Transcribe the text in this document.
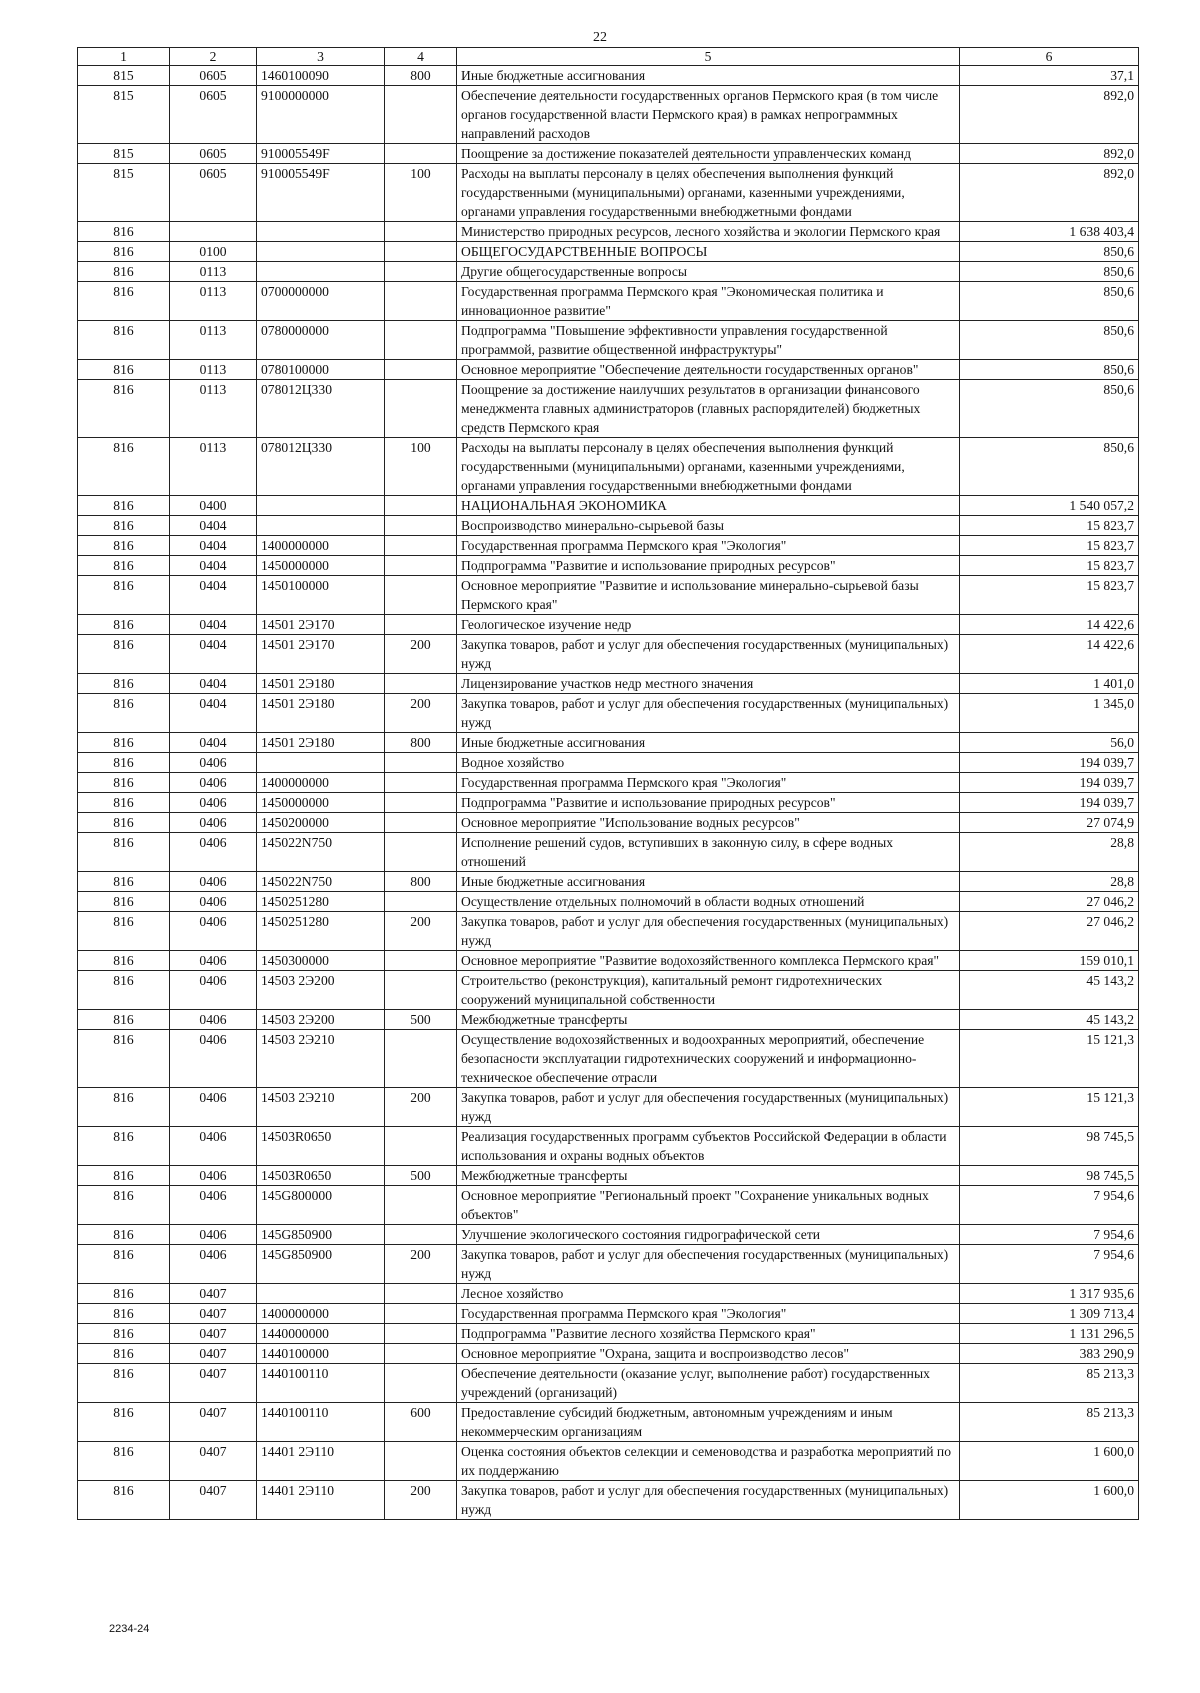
22
1	2	3	4	5	6
815	0605	1460100090	800	Иные бюджетные ассигнования	37,1
815	0605	9100000000		Обеспечение деятельности государственных органов Пермского края (в том числе органов государственной власти Пермского края) в рамках непрограммных направлений расходов	892,0
815	0605	910005549F		Поощрение за достижение показателей деятельности управленческих команд	892,0
815	0605	910005549F	100	Расходы на выплаты персоналу в целях обеспечения выполнения функций государственными (муниципальными) органами, казенными учреждениями, органами управления государственными внебюджетными фондами	892,0
816				Министерство природных ресурсов, лесного хозяйства и экологии Пермского края	1 638 403,4
816	0100			ОБЩЕГОСУДАРСТВЕННЫЕ ВОПРОСЫ	850,6
816	0113			Другие общегосударственные вопросы	850,6
816	0113	0700000000		Государственная программа Пермского края "Экономическая политика и инновационное развитие"	850,6
816	0113	0780000000		Подпрограмма "Повышение эффективности управления государственной программой, развитие общественной инфраструктуры"	850,6
816	0113	0780100000		Основное мероприятие "Обеспечение деятельности государственных органов"	850,6
816	0113	078012Ц330		Поощрение за достижение наилучших результатов в организации финансового менеджмента главных администраторов (главных распорядителей) бюджетных средств Пермского края	850,6
816	0113	078012Ц330	100	Расходы на выплаты персоналу в целях обеспечения выполнения функций государственными (муниципальными) органами, казенными учреждениями, органами управления государственными внебюджетными фондами	850,6
816	0400			НАЦИОНАЛЬНАЯ ЭКОНОМИКА	1 540 057,2
816	0404			Воспроизводство минерально-сырьевой базы	15 823,7
816	0404	1400000000		Государственная программа Пермского края "Экология"	15 823,7
816	0404	1450000000		Подпрограмма "Развитие и использование природных ресурсов"	15 823,7
816	0404	1450100000		Основное мероприятие "Развитие и использование минерально-сырьевой базы Пермского края"	15 823,7
816	0404	14501 2Э170		Геологическое изучение недр	14 422,6
816	0404	14501 2Э170	200	Закупка товаров, работ и услуг для обеспечения государственных (муниципальных) нужд	14 422,6
816	0404	14501 2Э180		Лицензирование участков недр местного значения	1 401,0
816	0404	14501 2Э180	200	Закупка товаров, работ и услуг для обеспечения государственных (муниципальных) нужд	1 345,0
816	0404	14501 2Э180	800	Иные бюджетные ассигнования	56,0
816	0406			Водное хозяйство	194 039,7
816	0406	1400000000		Государственная программа Пермского края "Экология"	194 039,7
816	0406	1450000000		Подпрограмма "Развитие и использование природных ресурсов"	194 039,7
816	0406	1450200000		Основное мероприятие "Использование водных ресурсов"	27 074,9
816	0406	145022N750		Исполнение решений судов, вступивших в законную силу, в сфере водных отношений	28,8
816	0406	145022N750	800	Иные бюджетные ассигнования	28,8
816	0406	1450251280		Осуществление отдельных полномочий в области водных отношений	27 046,2
816	0406	1450251280	200	Закупка товаров, работ и услуг для обеспечения государственных (муниципальных) нужд	27 046,2
816	0406	1450300000		Основное мероприятие "Развитие водохозяйственного комплекса Пермского края"	159 010,1
816	0406	14503 2Э200		Строительство (реконструкция), капитальный ремонт гидротехнических сооружений муниципальной собственности	45 143,2
816	0406	14503 2Э200	500	Межбюджетные трансферты	45 143,2
816	0406	14503 2Э210		Осуществление водохозяйственных и водоохранных мероприятий, обеспечение безопасности эксплуатации гидротехнических сооружений и информационно-техническое обеспечение отрасли	15 121,3
816	0406	14503 2Э210	200	Закупка товаров, работ и услуг для обеспечения государственных (муниципальных) нужд	15 121,3
816	0406	14503R0650		Реализация государственных программ субъектов Российской Федерации в области использования и охраны водных объектов	98 745,5
816	0406	14503R0650	500	Межбюджетные трансферты	98 745,5
816	0406	145G800000		Основное мероприятие "Региональный проект "Сохранение уникальных водных объектов"	7 954,6
816	0406	145G850900		Улучшение экологического состояния гидрографической сети	7 954,6
816	0406	145G850900	200	Закупка товаров, работ и услуг для обеспечения государственных (муниципальных) нужд	7 954,6
816	0407			Лесное хозяйство	1 317 935,6
816	0407	1400000000		Государственная программа Пермского края "Экология"	1 309 713,4
816	0407	1440000000		Подпрограмма "Развитие лесного хозяйства Пермского края"	1 131 296,5
816	0407	1440100000		Основное мероприятие "Охрана, защита и воспроизводство лесов"	383 290,9
816	0407	1440100110		Обеспечение деятельности (оказание услуг, выполнение работ) государственных учреждений (организаций)	85 213,3
816	0407	1440100110	600	Предоставление субсидий бюджетным, автономным учреждениям и иным некоммерческим организациям	85 213,3
816	0407	14401 2Э110		Оценка состояния объектов селекции и семеноводства и разработка мероприятий по их поддержанию	1 600,0
816	0407	14401 2Э110	200	Закупка товаров, работ и услуг для обеспечения государственных (муниципальных) нужд	1 600,0
2234-24
